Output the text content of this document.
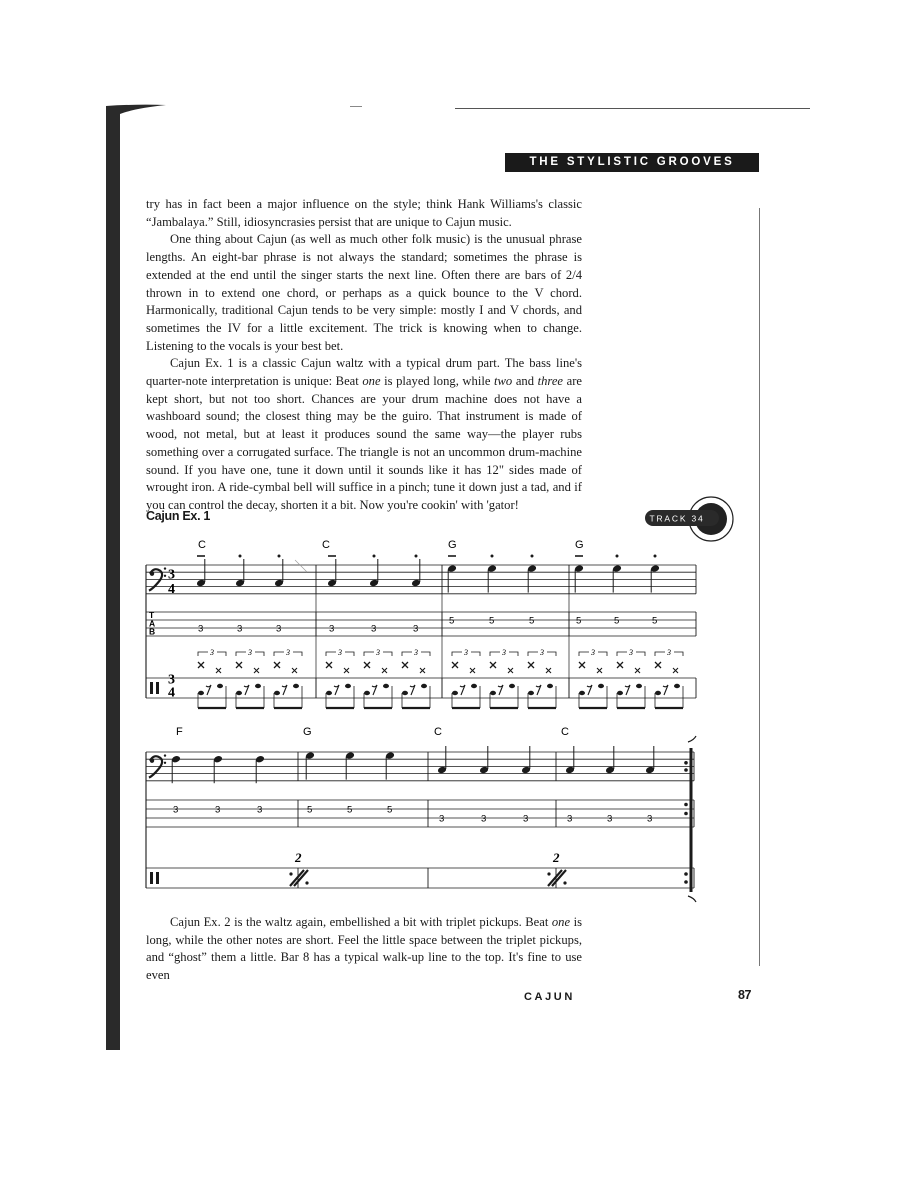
THE STYLISTIC GROOVES

try has in fact been a major influence on the style; think Hank Williams's classic “Jambalaya.” Still, idiosyncrasies persist that are unique to Cajun music.

One thing about Cajun (as well as much other folk music) is the unusual phrase lengths. An eight-bar phrase is not always the standard; sometimes the phrase is extended at the end until the singer starts the next line. Often there are bars of 2/4 thrown in to extend one chord, or perhaps as a quick bounce to the V chord. Harmonically, traditional Cajun tends to be very simple: mostly I and V chords, and sometimes the IV for a little excitement. The trick is knowing when to change. Listening to the vocals is your best bet.

Cajun Ex. 1 is a classic Cajun waltz with a typical drum part. The bass line's quarter-note interpretation is unique: Beat one is played long, while two and three are kept short, but not too short. Chances are your drum machine does not have a washboard sound; the closest thing may be the guiro. That instrument is made of wood, not metal, but at least it produces sound the same way—the player rubs something over a corrugated surface. The triangle is not an uncommon drum-machine sound. If you have one, tune it down until it sounds like it has 12" sides made of wrought iron. A ride-cymbal bell will suffice in a pinch; tune it down just a tad, and if you can control the decay, shorten it a bit. Now you're cookin' with 'gator!

Cajun Ex. 1	TRACK 34
3
4
T
A
B
3
4
C
3	3	3
3	3	3
C
3	3	3
3	3	3
G
5	5	5
3	3	3
G
5	5	5
3	3	3
F
3	3	3
G
5	5	5
C
3	3	3
C
3	3	3
2	2

Cajun Ex. 2 is the waltz again, embellished a bit with triplet pickups. Beat one is long, while the other notes are short. Feel the little space between the triplet pickups, and “ghost” them a little. Bar 8 has a typical walk-up line to the top. It's fine to use even

CAJUN	87
